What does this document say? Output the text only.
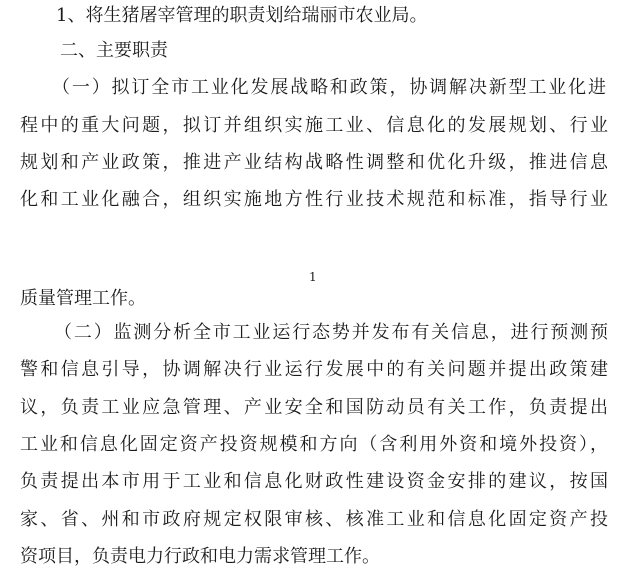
1、将生猪屠宰管理的职责划给瑞丽市农业局。
二、主要职责
（一）拟订全市工业化发展战略和政策，协调解决新型工业化进
程中的重大问题，拟订并组织实施工业、信息化的发展规划、行业
规划和产业政策，推进产业结构战略性调整和优化升级，推进信息
化和工业化融合，组织实施地方性行业技术规范和标准，指导行业
1
质量管理工作。
（二）监测分析全市工业运行态势并发布有关信息，进行预测预
警和信息引导，协调解决行业运行发展中的有关问题并提出政策建
议，负责工业应急管理、产业安全和国防动员有关工作，负责提出
工业和信息化固定资产投资规模和方向（含利用外资和境外投资），
负责提出本市用于工业和信息化财政性建设资金安排的建议，按国
家、省、州和市政府规定权限审核、核准工业和信息化固定资产投
资项目，负责电力行政和电力需求管理工作。
